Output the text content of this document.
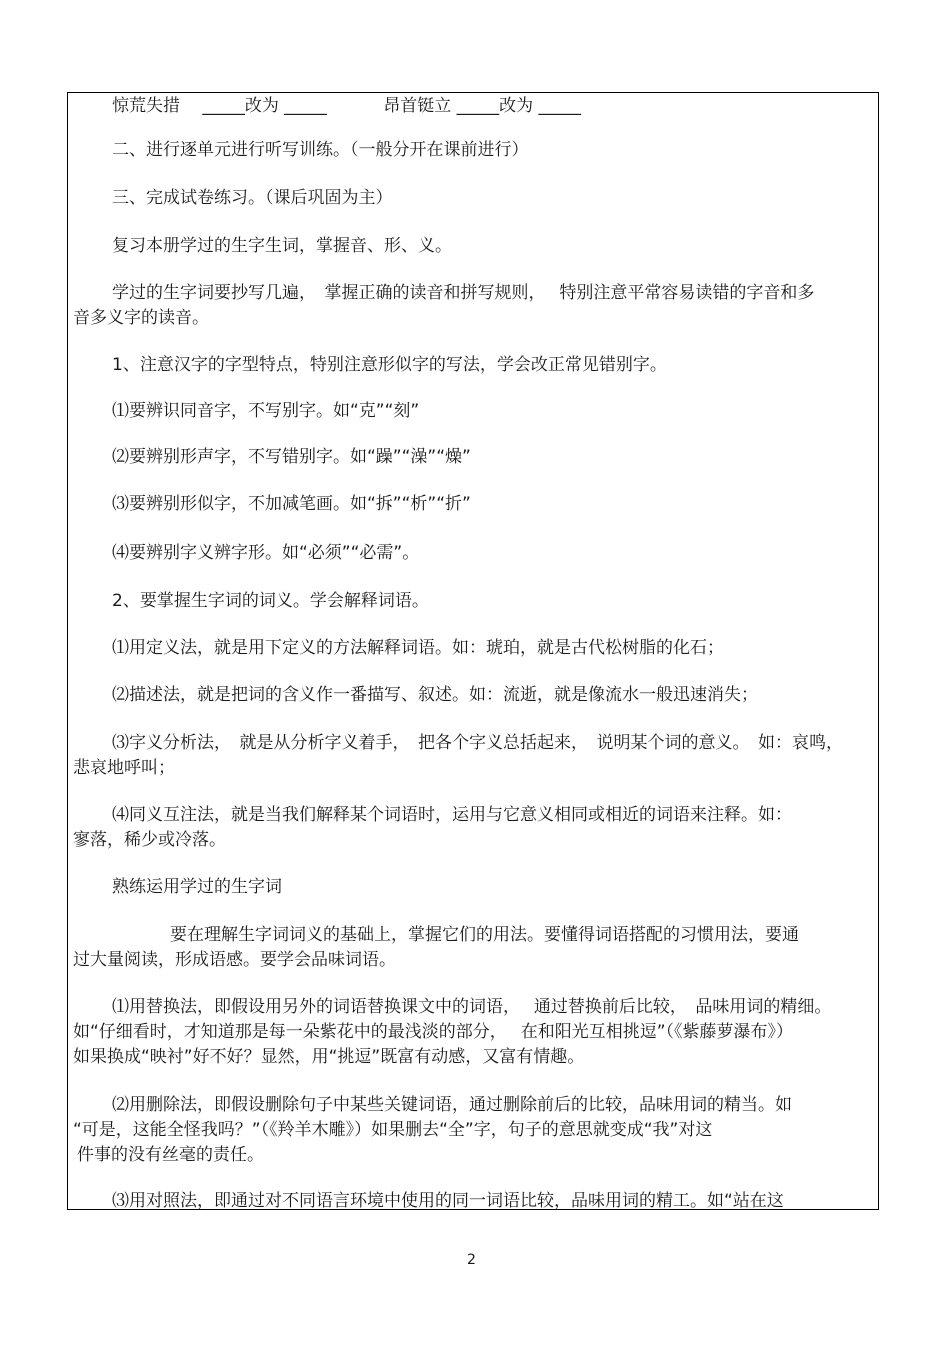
惊荒失措　 _____改为 _____　　　 昂首铤立 _____改为 _____
二、进行逐单元进行听写训练。（一般分开在课前进行）
三、完成试卷练习。（课后巩固为主）
复习本册学过的生字生词，掌握音、形、义。
学过的生字词要抄写几遍，　掌握正确的读音和拼写规则，　 特别注意平常容易读错的字音和多
音多义字的读音。
1、注意汉字的字型特点，特别注意形似字的写法，学会改正常见错别字。
⑴要辨识同音字，不写别字。如“克”“刻”
⑵要辨别形声字，不写错别字。如“躁”“澡”“燥”
⑶要辨别形似字，不加减笔画。如“拆”“析”“折”
⑷要辨别字义辨字形。如“必须”“必需”。
2、要掌握生字词的词义。学会解释词语。
⑴用定义法，就是用下定义的方法解释词语。如：琥珀，就是古代松树脂的化石；
⑵描述法，就是把词的含义作一番描写、叙述。如：流逝，就是像流水一般迅速消失；
⑶字义分析法，　就是从分析字义着手，　把各个字义总括起来，　说明某个词的意义。　如：哀鸣，
悲哀地呼叫；
⑷同义互注法，就是当我们解释某个词语时，运用与它意义相同或相近的词语来注释。如：
寥落，稀少或冷落。
熟练运用学过的生字词
要在理解生字词词义的基础上，掌握它们的用法。要懂得词语搭配的习惯用法，要通
过大量阅读，形成语感。要学会品味词语。
⑴用替换法，即假设用另外的词语替换课文中的词语，　 通过替换前后比较，　品味用词的精细。
如“仔细看时，才知道那是每一朵紫花中的最浅淡的部分，　 在和阳光互相挑逗”（《紫藤萝瀑布》）
如果换成“映衬”好不好？显然，用“挑逗”既富有动感，又富有情趣。
⑵用删除法，即假设删除句子中某些关键词语，通过删除前后的比较，品味用词的精当。如
“可是，这能全怪我吗？”（《羚羊木雕》）如果删去“全”字，句子的意思就变成“我”对这
件事的没有丝毫的责任。
⑶用对照法，即通过对不同语言环境中使用的同一词语比较，品味用词的精工。如“站在这
2
